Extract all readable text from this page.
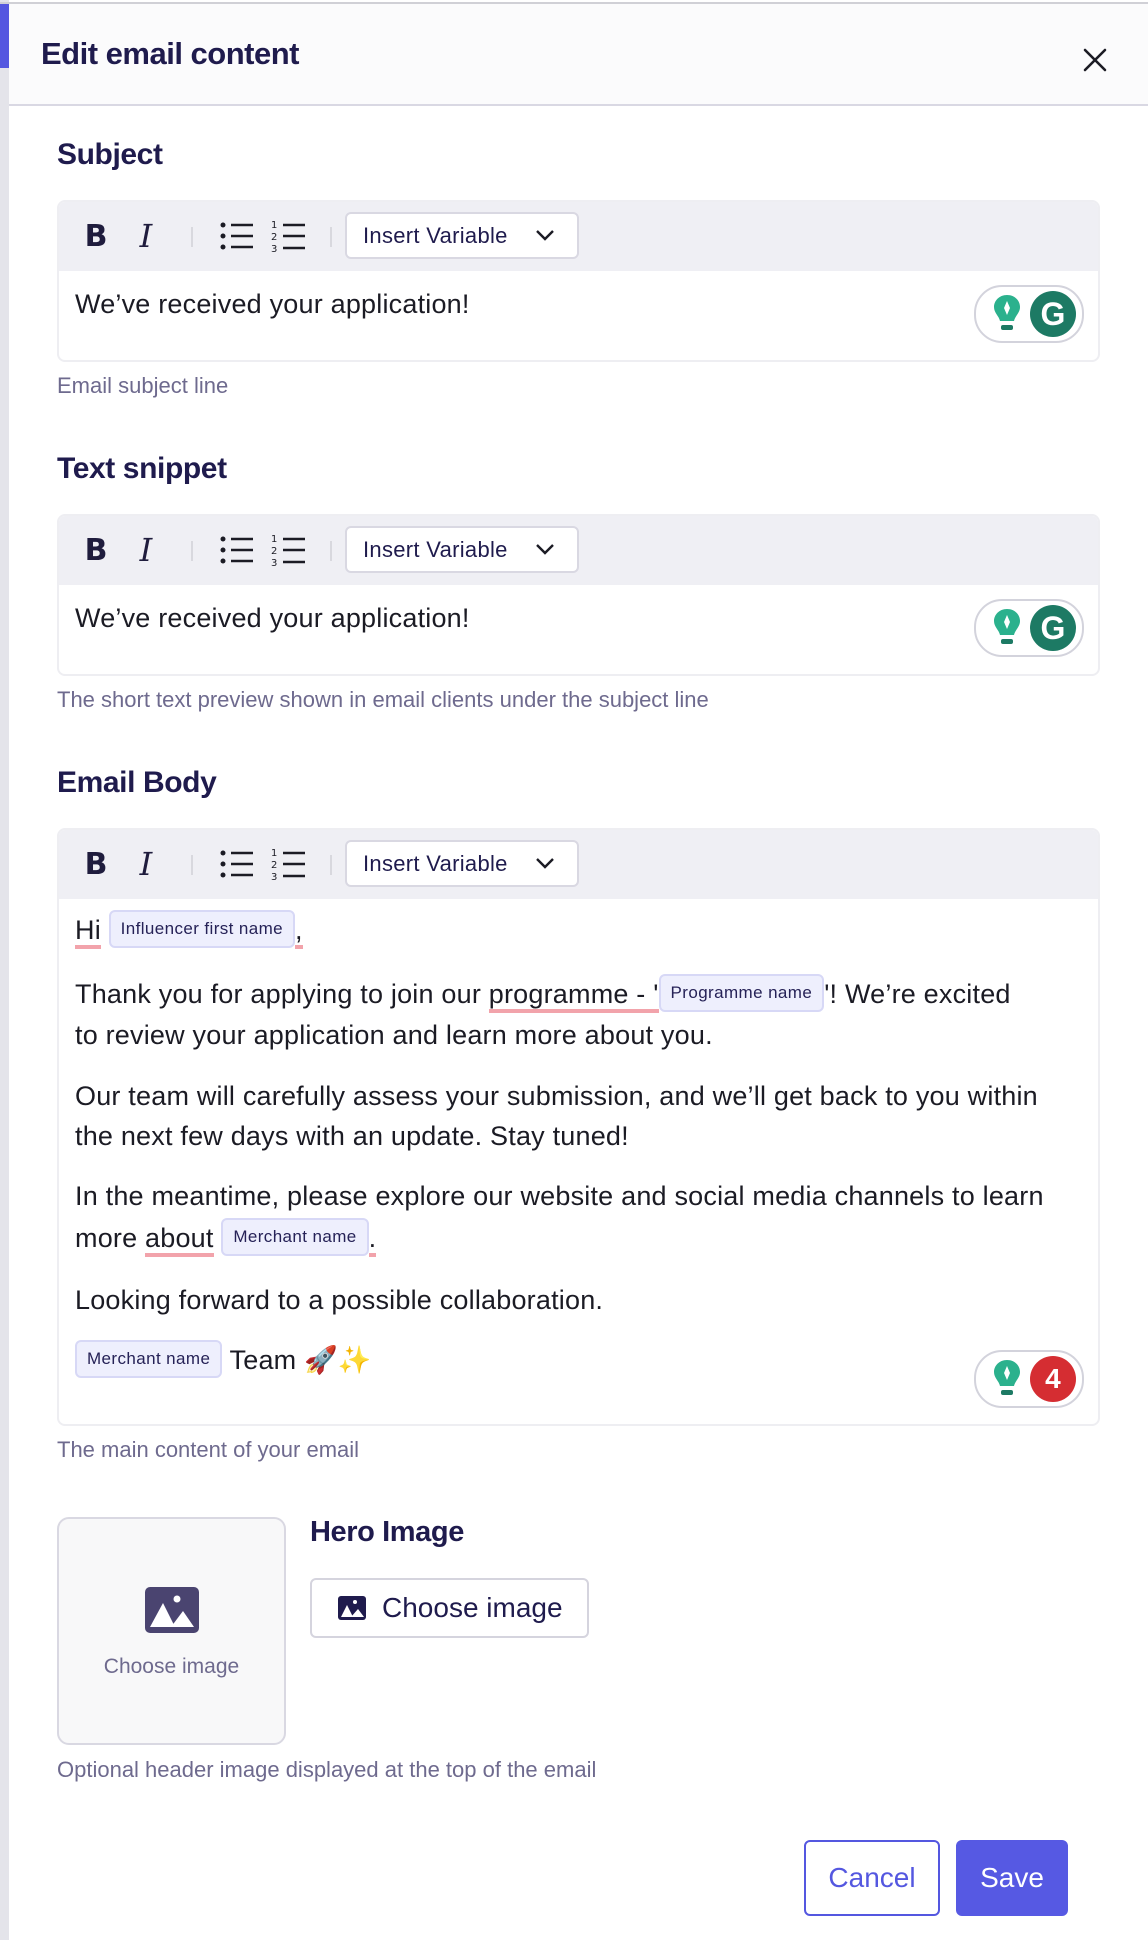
Edit email content
Subject
B I	1
2
3
Insert Variable
We’ve received your application!	G
Email subject line
Text snippet
B I	1
2
3
Insert Variable
We’ve received your application!	G
The short text preview shown in email clients under the subject line
Email Body
B I	1
2
3
Insert Variable
Hi Influencer first name ,
Thank you for applying to join our programme - ' Programme name '! We’re excited
to review your application and learn more about you.
Our team will carefully assess your submission, and we’ll get back to you within
the next few days with an update. Stay tuned!
In the meantime, please explore our website and social media channels to learn
more about Merchant name .
Looking forward to a possible collaboration.
Merchant name Team 🚀✨
4
The main content of your email
Choose image
Hero Image
Choose image
Optional header image displayed at the top of the email
Cancel	Save
